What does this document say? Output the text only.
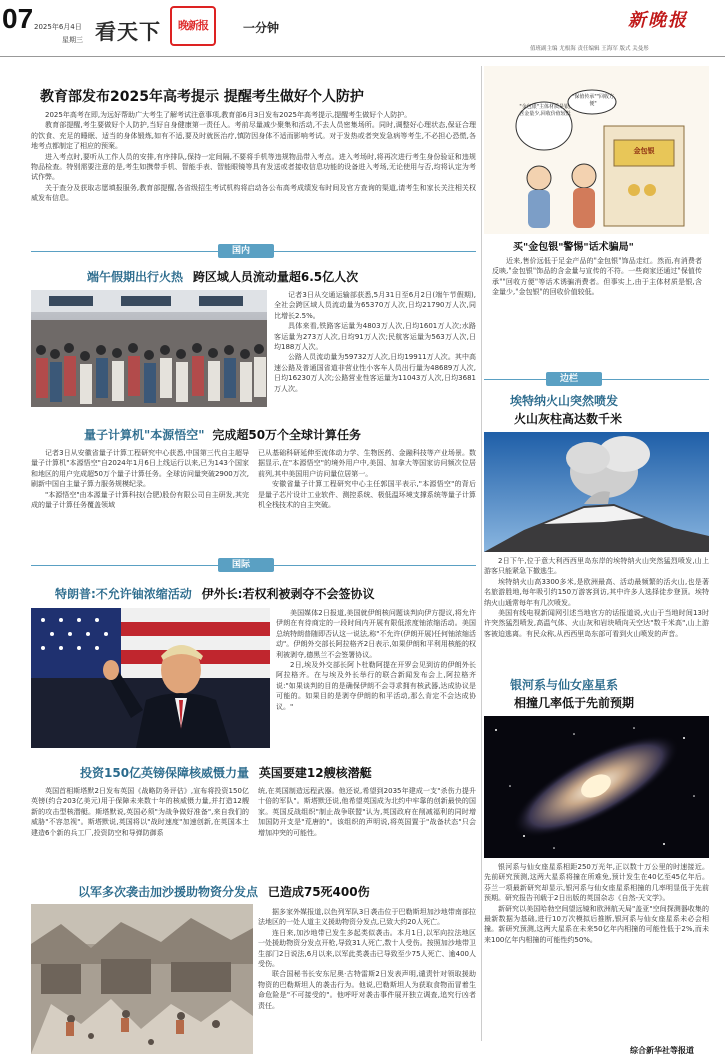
07 2025年6月4日
星期三 看天下	晚新报	一分钟	新晚报
值班副主编 尤根海 责任编辑 王海军 版式 关曼彤
教育部发布2025年高考提示 提醒考生做好个人防护

2025年高考在即,为远好帮助广大考生了解考试注意事项,教育部6月3日发布2025年高考提示,提醒考生做好个人防护。

教育部提醒,考生要做好个人防护,当好自身健康第一责任人。考前尽量减少聚集和活动,不去人员密集场所。同时,调整好心理状态,保证合理的饮食、充足的睡眠、适当的身体锻炼,如有不适,要及时就医治疗,慎防因身体不适而影响考试。对于发热或者突发急病等考生,不必担心恐慌,各地考点都制定了相应的预案。

进入考点时,要听从工作人员的安排,有序排队,保持一定间隔,不要将手机等违规物品带入考点。进入考场时,将再次进行考生身份验证和违规物品检查。特别需要注意的是,考生如携带手机、智能手表、智能眼镜等具有发送或者接收信息功能的设备进入考场,无论使用与否,均将认定为考试作弊。

关于查分及获取志愿填报服务,教育部提醒,各省级招生考试机构将启动各公布高考成绩发布时间及官方查询的渠道,请考生和家长关注相关权威发布信息。

国内
端午假期出行火热 跨区域人员流动量超6.5亿人次

记者3日从交通运输部获悉,5月31日至6月2日(端午节假期),全社会跨区域人员流动量为65370万人次,日均21790万人次,同比增长2.5%。

具体来看,铁路客运量为4803万人次,日均1601万人次;水路客运量为273万人次,日均91万人次;民航客运量为563万人次,日均188万人次。

公路人员流动量为59732万人次,日均19911万人次。其中高速公路及普通国省道非营业性小客车人员出行量为48689万人次,日均16230万人次;公路营业性客运量为11043万人次,日均3681万人次。

量子计算机"本源悟空" 完成超50万个全球计算任务

记者3日从安徽省量子计算工程研究中心获悉,中国第三代自主超导量子计算机"本源悟空"自2024年1月6日上线运行以来,已为143个国家和地区的用户完成超50万个量子计算任务。全球访问量突破2900万次,刷新中国自主量子算力服务规模纪录。

"本源悟空"由本源量子计算科技(合肥)股份有限公司自主研发,其完成的量子计算任务覆盖领域

已从基础科研延伸至流体动力学、生物医药、金融科技等产业场景。数据显示,在"本源悟空"的境外用户中,美国、加拿大等国家访问频次位居前列,其中美国用户访问量位居第一。

安徽省量子计算工程研究中心主任郭国平表示,"本源悟空"的背后是量子芯片设计工业软件、测控系统、极低温环境支撑系统等量子计算机全栈技术的自主突破。

国际
特朗普:不允许铀浓缩活动 伊外长:若权利被剥夺不会签协议

美国媒体2日报道,美国就伊朗核问题谈判向伊方提议,将允许伊朗在有待商定的一段时间内开展有限低浓度铀浓缩活动。美国总统特朗普随即否认这一说法,称"不允许(伊朗开展)任何铀浓缩活动"。伊朗外交部长阿拉格齐2日表示,如果伊朗和平利用核能的权利被剥夺,德黑兰不会签署协议。

2日,埃及外交部长阿卜杜勒阿提在开罗会见到访的伊朗外长阿拉格齐。在与埃及外长举行的联合新闻发布会上,阿拉格齐说:"如果谈判的目的是确保伊朗不会寻求拥有核武器,达成协议是可能的。如果目的是剥夺伊朗的和平活动,那么肯定不会达成协议。"

投资150亿英镑保障核威慑力量 英国要建12艘核潜艇
英国首相斯塔默2日发布英国《战略防务评估》,宣布将投资150亿英镑(约合203亿美元)用于保障未来数十年的核威慑力量,并打造12艘新的攻击型核潜艇。斯塔默说,英国必须"为战争做好准备",来自我们的威胁"不容忽视"。斯塔默说,英国将以"战时速度"加速创新,在英国本土建造6个新的兵工厂,投资防空和导弹防御系
统,在英国制造远程武器。他还说,希望到2035年建成一支"杀伤力提升十倍的军队"。斯塔默还说,他希望英国成为北约中牢靠的创新最快的国家。英国反战组织"制止战争联盟"认为,英国政府在削减福利的同时增加国防开支是"荒唐的"。该组织的声明说,将英国置于"战备状态"只会增加冲突的可能性。
以军多次袭击加沙援助物资分发点 已造成75死400伤

据多家外媒报道,以色列军队3日袭击位于巴勒斯坦加沙地带南部拉法地区的一处人道主义援助物资分发点,已致大约20人死亡。

连日来,加沙地带已发生多起类似袭击。本月1日,以军向拉法地区一处援助物资分发点开枪,导致31人死亡,数十人受伤。按照加沙地带卫生部门2日说法,6月以来,以军此类袭击已导致至少75人死亡、逾400人受伤。

联合国秘书长安东尼奥·古特雷斯2日发表声明,谴责针对领取援助物资的巴勒斯坦人的袭击行为。他说,巴勒斯坦人为获取食物而冒着生命危险是"不可接受的"。他呼吁对袭击事件展开独立调查,追究行凶者责任。

"金包银"主体材质是银,含金量少,回收价值较低
"保值传承""回收方便"
金包银
买"金包银"警惕"话术骗局"
近来,售价远低于足金产品的"金包银"饰品走红。然而,有消费者反映,"金包银"饰品的含金量与宣传的不符。一些商家还通过"保值传承""回收方便"等话术诱骗消费者。但事实上,由于主体材质是银,含金量少,"金包银"的回收价值较低。
边栏
埃特纳火山突然喷发
火山灰柱高达数千米

2日下午,位于意大利西西里岛东岸的埃特纳火山突然猛烈喷发,山上游客只能紧急下撤逃生。

埃特纳火山高3300多米,是欧洲最高、活动最频繁的活火山,也是著名旅游胜地,每年吸引约150万游客到访,其中许多人选择徒步登顶。埃特纳火山通常每年有几次喷发。

美国有线电视新闻网引述当地官方的话报道说,火山于当地时间13时许突然猛烈喷发,高温气体、火山灰和岩块喷向天空达"数千米高",山上游客被迫逃离。有民众称,从西西里岛东部可看到火山喷发的声音。

银河系与仙女座星系
相撞几率低于先前预期

银河系与仙女座星系相距250万光年,正以数十万公里的时速接近。先前研究预测,这两大星系将撞在所难免,预计发生在40亿至45亿年后。芬兰一项最新研究却显示,银河系与仙女座星系相撞的几率明显低于先前预期。研究报告刊载于2日出版的英国杂志《自然-天文学》。

新研究以美国哈勃空间望远镜和欧洲航天局"盖亚"空间探测器收集的最新数据为基础,进行10万次模拟后推断,银河系与仙女座星系未必会相撞。新研究预测,这两大星系在未来50亿年内相撞的可能性低于2%,而未来100亿年内相撞的可能性约50%。

综合新华社等报道
